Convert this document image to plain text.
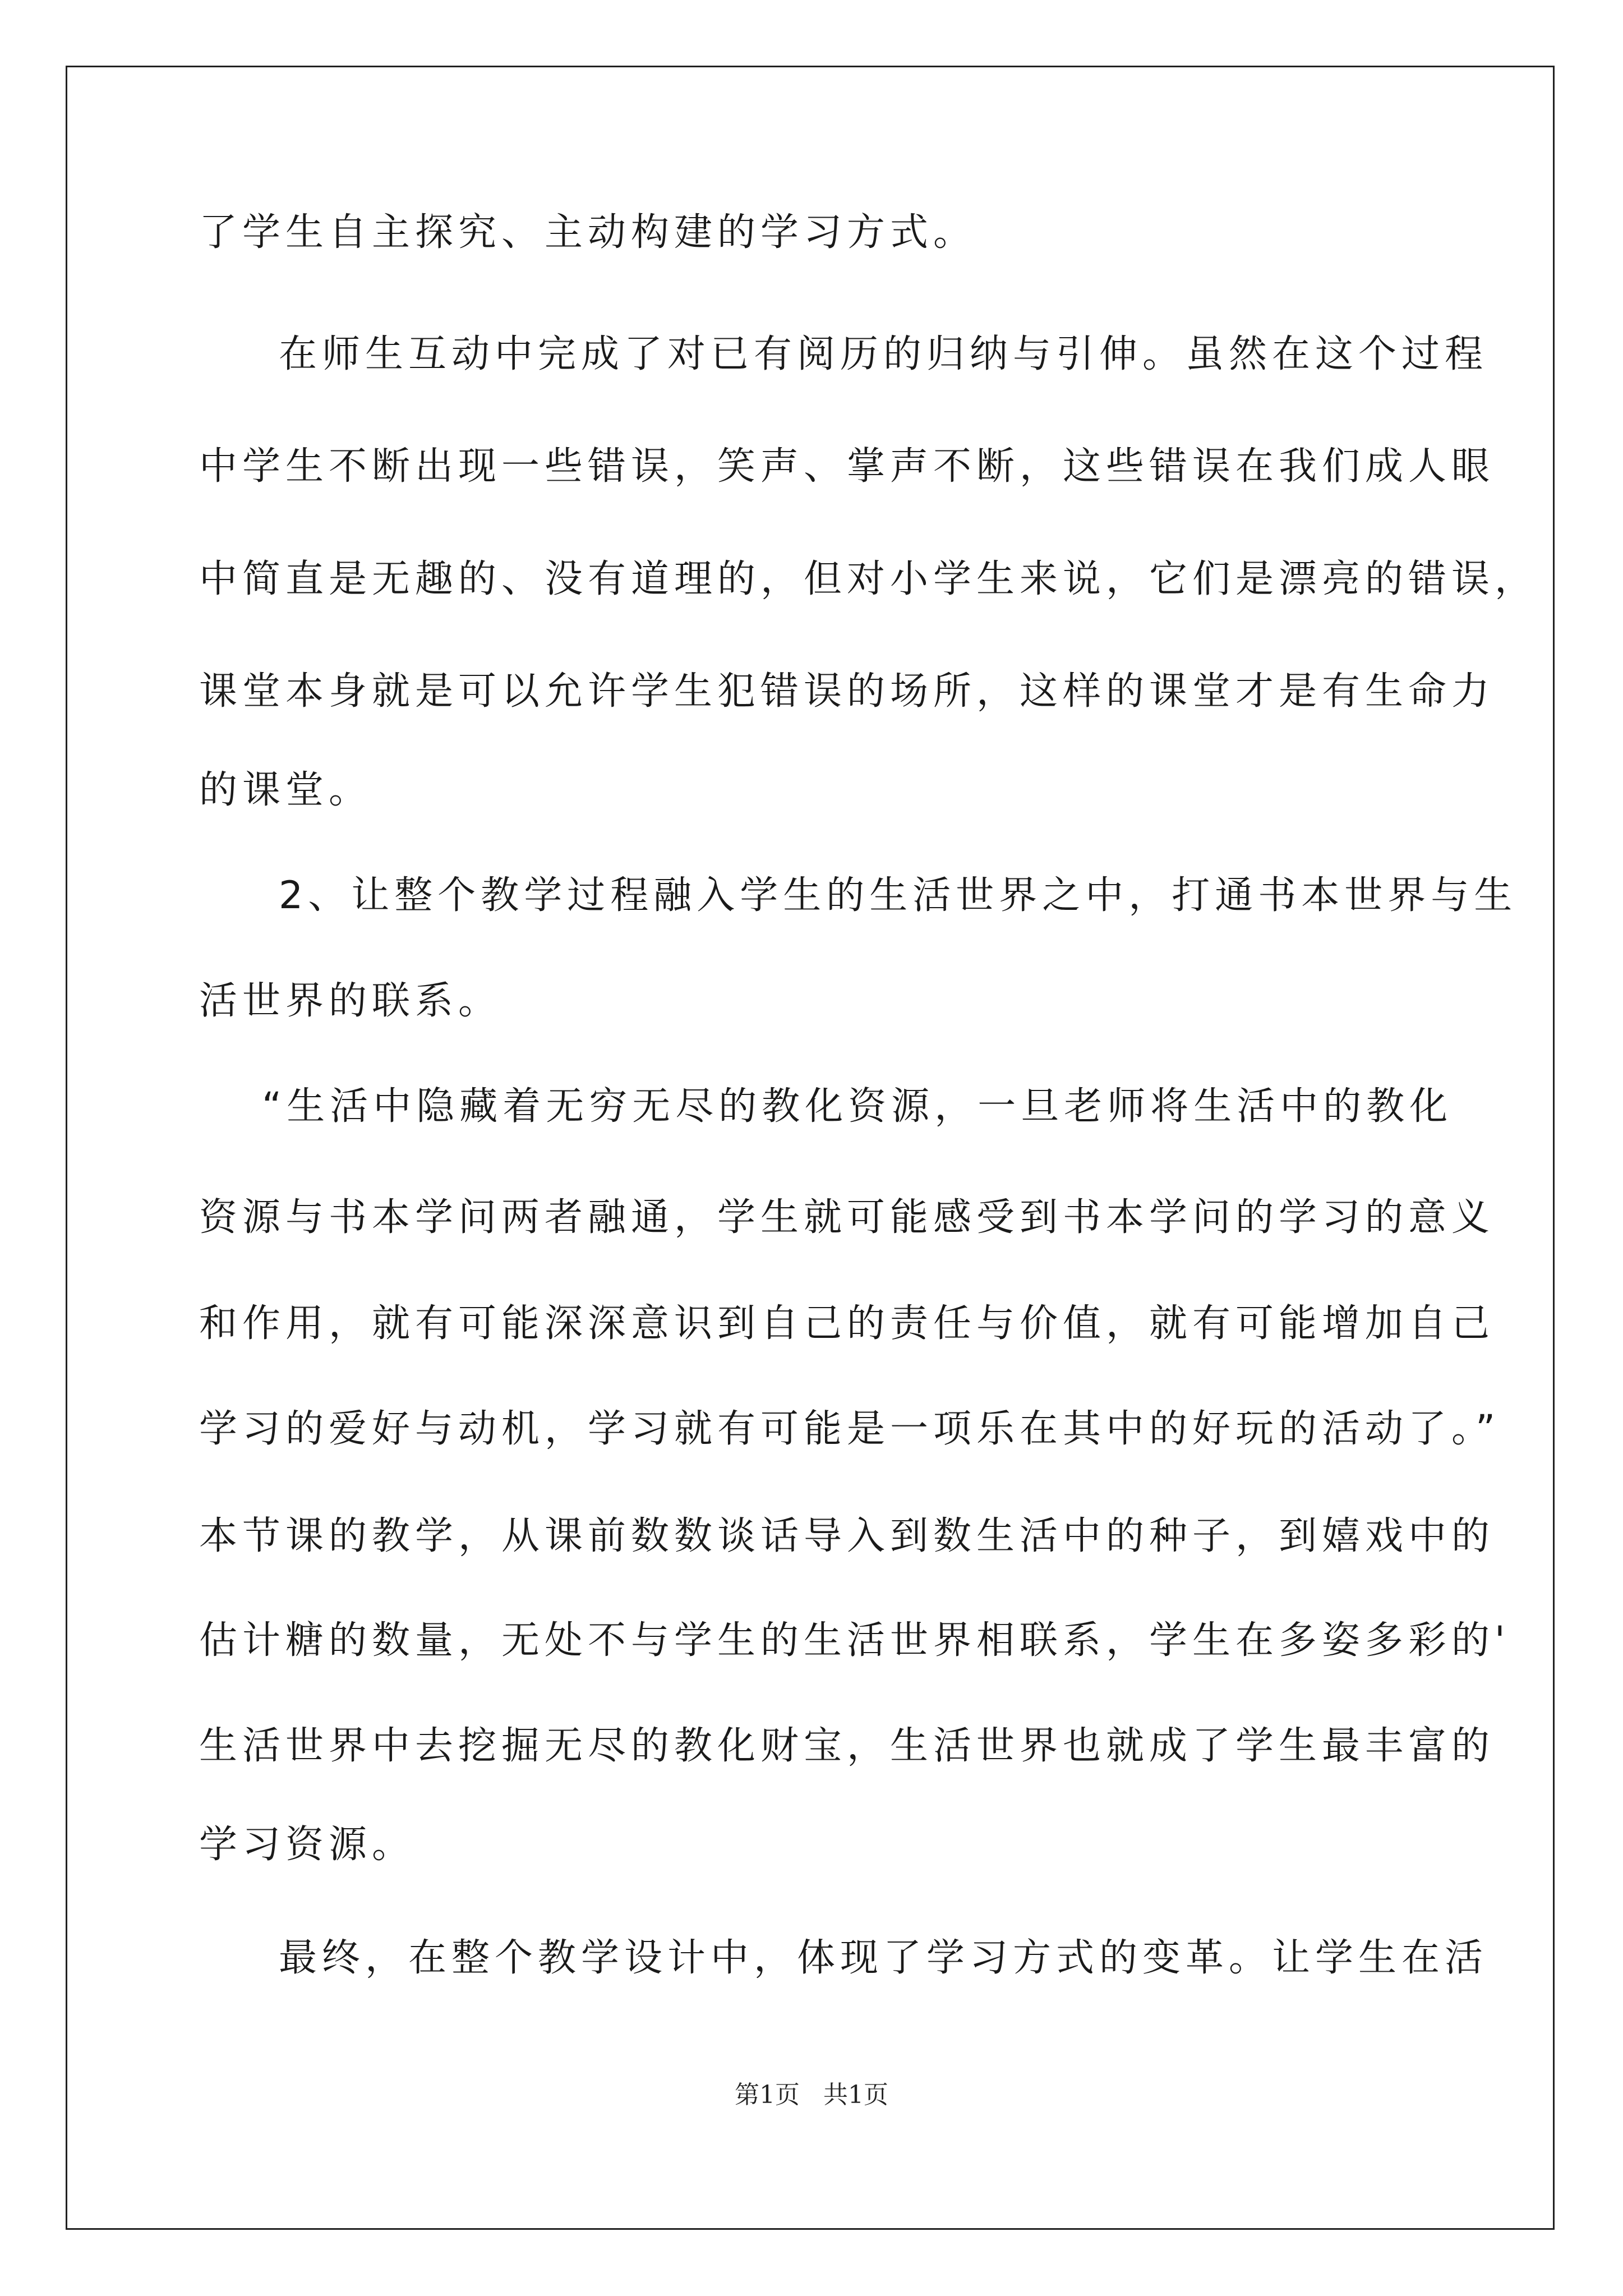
了学生自主探究、主动构建的学习方式。
在师生互动中完成了对已有阅历的归纳与引伸。虽然在这个过程
中学生不断出现一些错误，笑声、掌声不断，这些错误在我们成人眼
中简直是无趣的、没有道理的，但对小学生来说，它们是漂亮的错误，
课堂本身就是可以允许学生犯错误的场所，这样的课堂才是有生命力
的课堂。
2、让整个教学过程融入学生的生活世界之中，打通书本世界与生
活世界的联系。
“生活中隐藏着无穷无尽的教化资源，一旦老师将生活中的教化
资源与书本学问两者融通，学生就可能感受到书本学问的学习的意义
和作用，就有可能深深意识到自己的责任与价值，就有可能增加自己
学习的爱好与动机，学习就有可能是一项乐在其中的好玩的活动了。”
本节课的教学，从课前数数谈话导入到数生活中的种子，到嬉戏中的
估计糖的数量，无处不与学生的生活世界相联系，学生在多姿多彩的'
生活世界中去挖掘无尽的教化财宝，生活世界也就成了学生最丰富的
学习资源。
最终，在整个教学设计中，体现了学习方式的变革。让学生在活
第1页   共1页
